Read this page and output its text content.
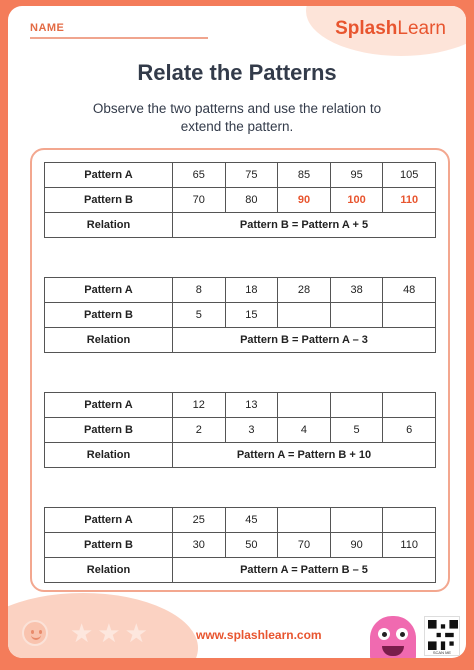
NAME	SplashLearn
Relate the Patterns
Observe the two patterns and use the relation to extend the pattern.
Pattern A	65	75	85	95	105
Pattern B	70	80	90	100	110
Relation	Pattern B = Pattern A + 5				
Pattern A	8	18	28	38	48
Pattern B	5	15			
Relation	Pattern B = Pattern A – 3				
Pattern A	12	13			
Pattern B	2	3	4	5	6
Relation	Pattern A = Pattern B + 10				
Pattern A	25	45			
Pattern B	30	50	70	90	110
Relation	Pattern A = Pattern B – 5				
★★★	www.splashlearn.com
SCAN ME
